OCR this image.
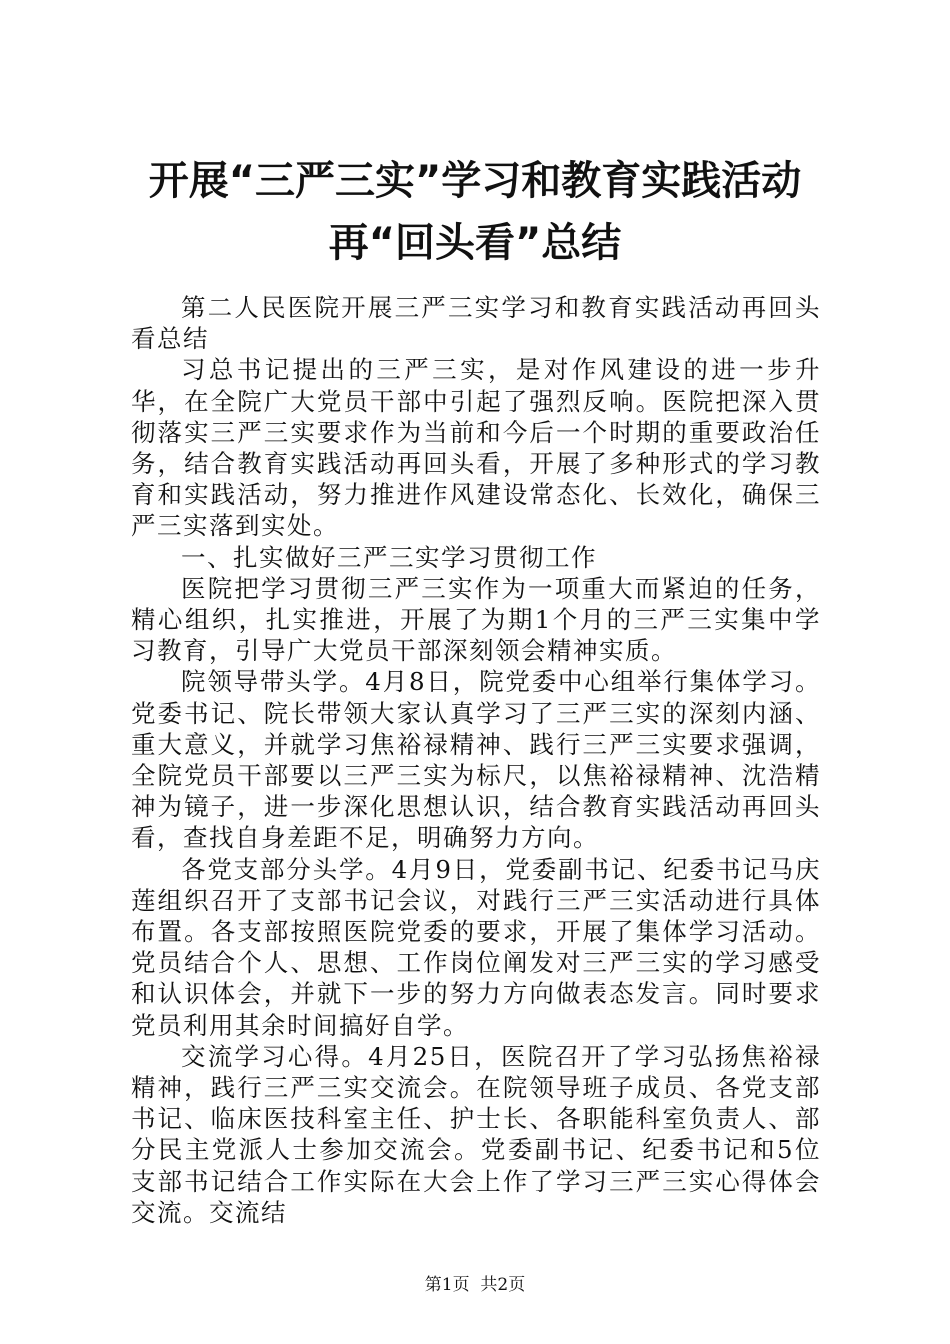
开展“三严三实”学习和教育实践活动再“回头看”总结

第二人民医院开展三严三实学习和教育实践活动再回头看总结

习总书记提出的三严三实，是对作风建设的进一步升华，在全院广大党员干部中引起了强烈反响。医院把深入贯彻落实三严三实要求作为当前和今后一个时期的重要政治任务，结合教育实践活动再回头看，开展了多种形式的学习教育和实践活动，努力推进作风建设常态化、长效化，确保三严三实落到实处。

一、扎实做好三严三实学习贯彻工作

医院把学习贯彻三严三实作为一项重大而紧迫的任务，精心组织，扎实推进，开展了为期1个月的三严三实集中学习教育，引导广大党员干部深刻领会精神实质。

院领导带头学。4月8日，院党委中心组举行集体学习。党委书记、院长带领大家认真学习了三严三实的深刻内涵、重大意义，并就学习焦裕禄精神、践行三严三实要求强调，全院党员干部要以三严三实为标尺，以焦裕禄精神、沈浩精神为镜子，进一步深化思想认识，结合教育实践活动再回头看，查找自身差距不足，明确努力方向。

各党支部分头学。4月9日，党委副书记、纪委书记马庆莲组织召开了支部书记会议，对践行三严三实活动进行具体布置。各支部按照医院党委的要求，开展了集体学习活动。党员结合个人、思想、工作岗位阐发对三严三实的学习感受和认识体会，并就下一步的努力方向做表态发言。同时要求党员利用其余时间搞好自学。

交流学习心得。4月25日，医院召开了学习弘扬焦裕禄精神，践行三严三实交流会。在院领导班子成员、各党支部书记、临床医技科室主任、护士长、各职能科室负责人、部分民主党派人士参加交流会。党委副书记、纪委书记和5位支部书记结合工作实际在大会上作了学习三严三实心得体会交流。交流结

第1页  共2页
